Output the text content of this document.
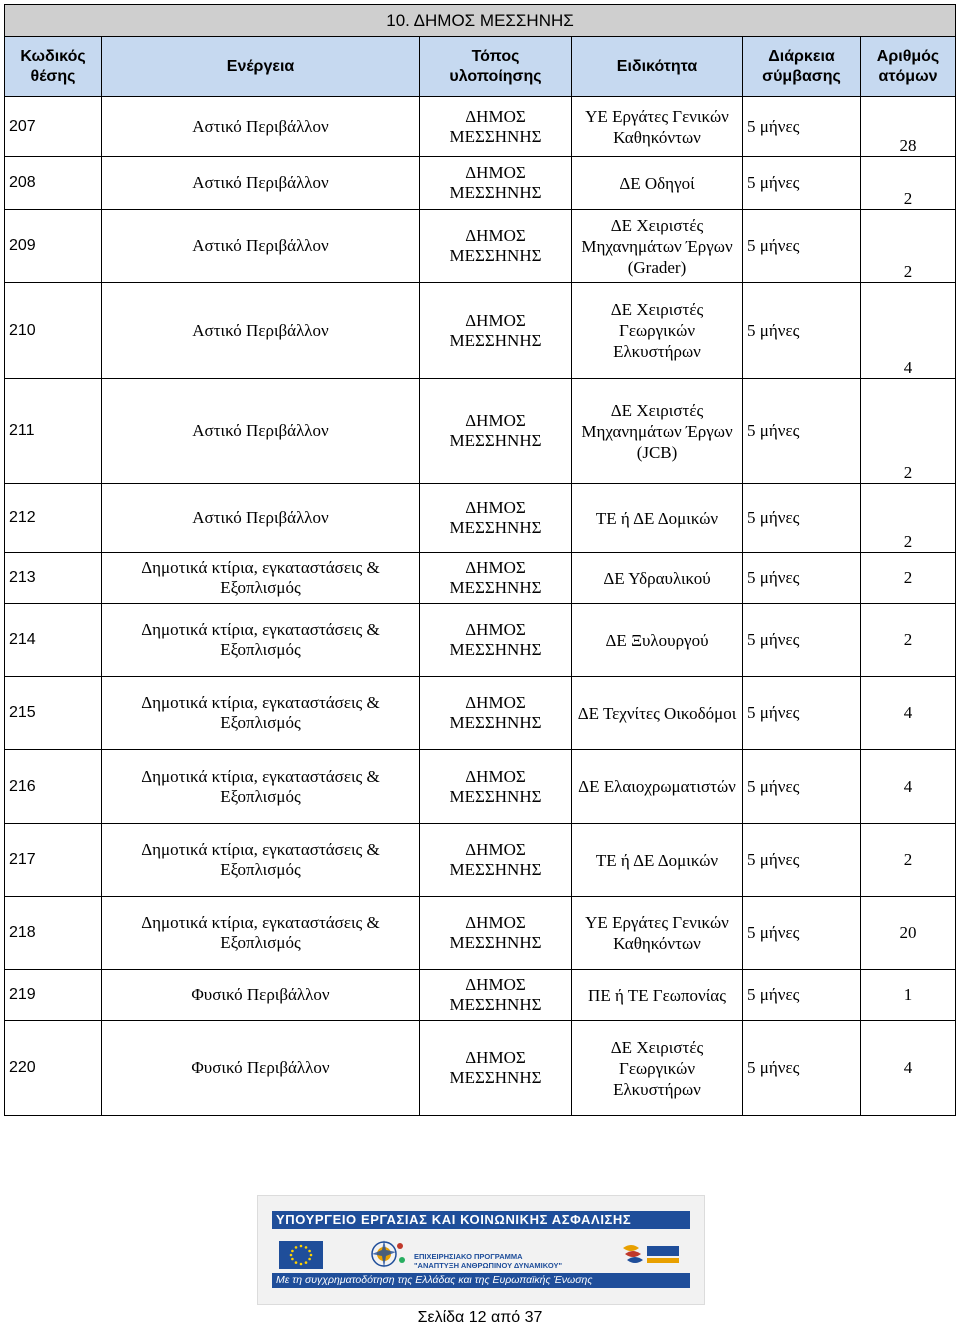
10. ΔΗΜΟΣ ΜΕΣΣΗΝΗΣ					
Κωδικός θέσης	Ενέργεια	Τόπος υλοποίησης	Ειδικότητα	Διάρκεια σύμβασης	Αριθμός ατόμων
207	Αστικό Περιβάλλον	ΔΗΜΟΣ ΜΕΣΣΗΝΗΣ	ΥΕ Εργάτες Γενικών Καθηκόντων	5 μήνες	28
208	Αστικό Περιβάλλον	ΔΗΜΟΣ ΜΕΣΣΗΝΗΣ	ΔΕ Οδηγοί	5 μήνες	2
209	Αστικό Περιβάλλον	ΔΗΜΟΣ ΜΕΣΣΗΝΗΣ	ΔΕ Χειριστές Μηχανημάτων Έργων (Grader)	5 μήνες	2
210	Αστικό Περιβάλλον	ΔΗΜΟΣ ΜΕΣΣΗΝΗΣ	ΔΕ Χειριστές Γεωργικών Ελκυστήρων	5 μήνες	4
211	Αστικό Περιβάλλον	ΔΗΜΟΣ ΜΕΣΣΗΝΗΣ	ΔΕ Χειριστές Μηχανημάτων Έργων (JCB)	5 μήνες	2
212	Αστικό Περιβάλλον	ΔΗΜΟΣ ΜΕΣΣΗΝΗΣ	ΤΕ ή ΔΕ Δομικών	5 μήνες	2
213	Δημοτικά κτίρια, εγκαταστάσεις & Εξοπλισμός	ΔΗΜΟΣ ΜΕΣΣΗΝΗΣ	ΔΕ Υδραυλικού	5 μήνες	2
214	Δημοτικά κτίρια, εγκαταστάσεις & Εξοπλισμός	ΔΗΜΟΣ ΜΕΣΣΗΝΗΣ	ΔΕ Ξυλουργού	5 μήνες	2
215	Δημοτικά κτίρια, εγκαταστάσεις & Εξοπλισμός	ΔΗΜΟΣ ΜΕΣΣΗΝΗΣ	ΔΕ Τεχνίτες Οικοδόμοι	5 μήνες	4
216	Δημοτικά κτίρια, εγκαταστάσεις & Εξοπλισμός	ΔΗΜΟΣ ΜΕΣΣΗΝΗΣ	ΔΕ Ελαιοχρωματιστών	5 μήνες	4
217	Δημοτικά κτίρια, εγκαταστάσεις & Εξοπλισμός	ΔΗΜΟΣ ΜΕΣΣΗΝΗΣ	ΤΕ ή ΔΕ Δομικών	5 μήνες	2
218	Δημοτικά κτίρια, εγκαταστάσεις & Εξοπλισμός	ΔΗΜΟΣ ΜΕΣΣΗΝΗΣ	ΥΕ Εργάτες Γενικών Καθηκόντων	5 μήνες	20
219	Φυσικό Περιβάλλον	ΔΗΜΟΣ ΜΕΣΣΗΝΗΣ	ΠΕ ή ΤΕ Γεωπονίας	5 μήνες	1
220	Φυσικό Περιβάλλον	ΔΗΜΟΣ ΜΕΣΣΗΝΗΣ	ΔΕ Χειριστές Γεωργικών Ελκυστήρων	5 μήνες	4
ΥΠΟΥΡΓΕΙΟ ΕΡΓΑΣΙΑΣ ΚΑΙ ΚΟΙΝΩΝΙΚΗΣ ΑΣΦΑΛΙΣΗΣ
ΕΠΙΧΕΙΡΗΣΙΑΚΟ ΠΡΟΓΡΑΜΜΑ
"ΑΝΑΠΤΥΞΗ ΑΝΘΡΩΠΙΝΟΥ ΔΥΝΑΜΙΚΟΥ"
Με τη συγχρηματοδότηση της Ελλάδας και της Ευρωπαϊκής Ένωσης
Σελίδα 12 από 37
